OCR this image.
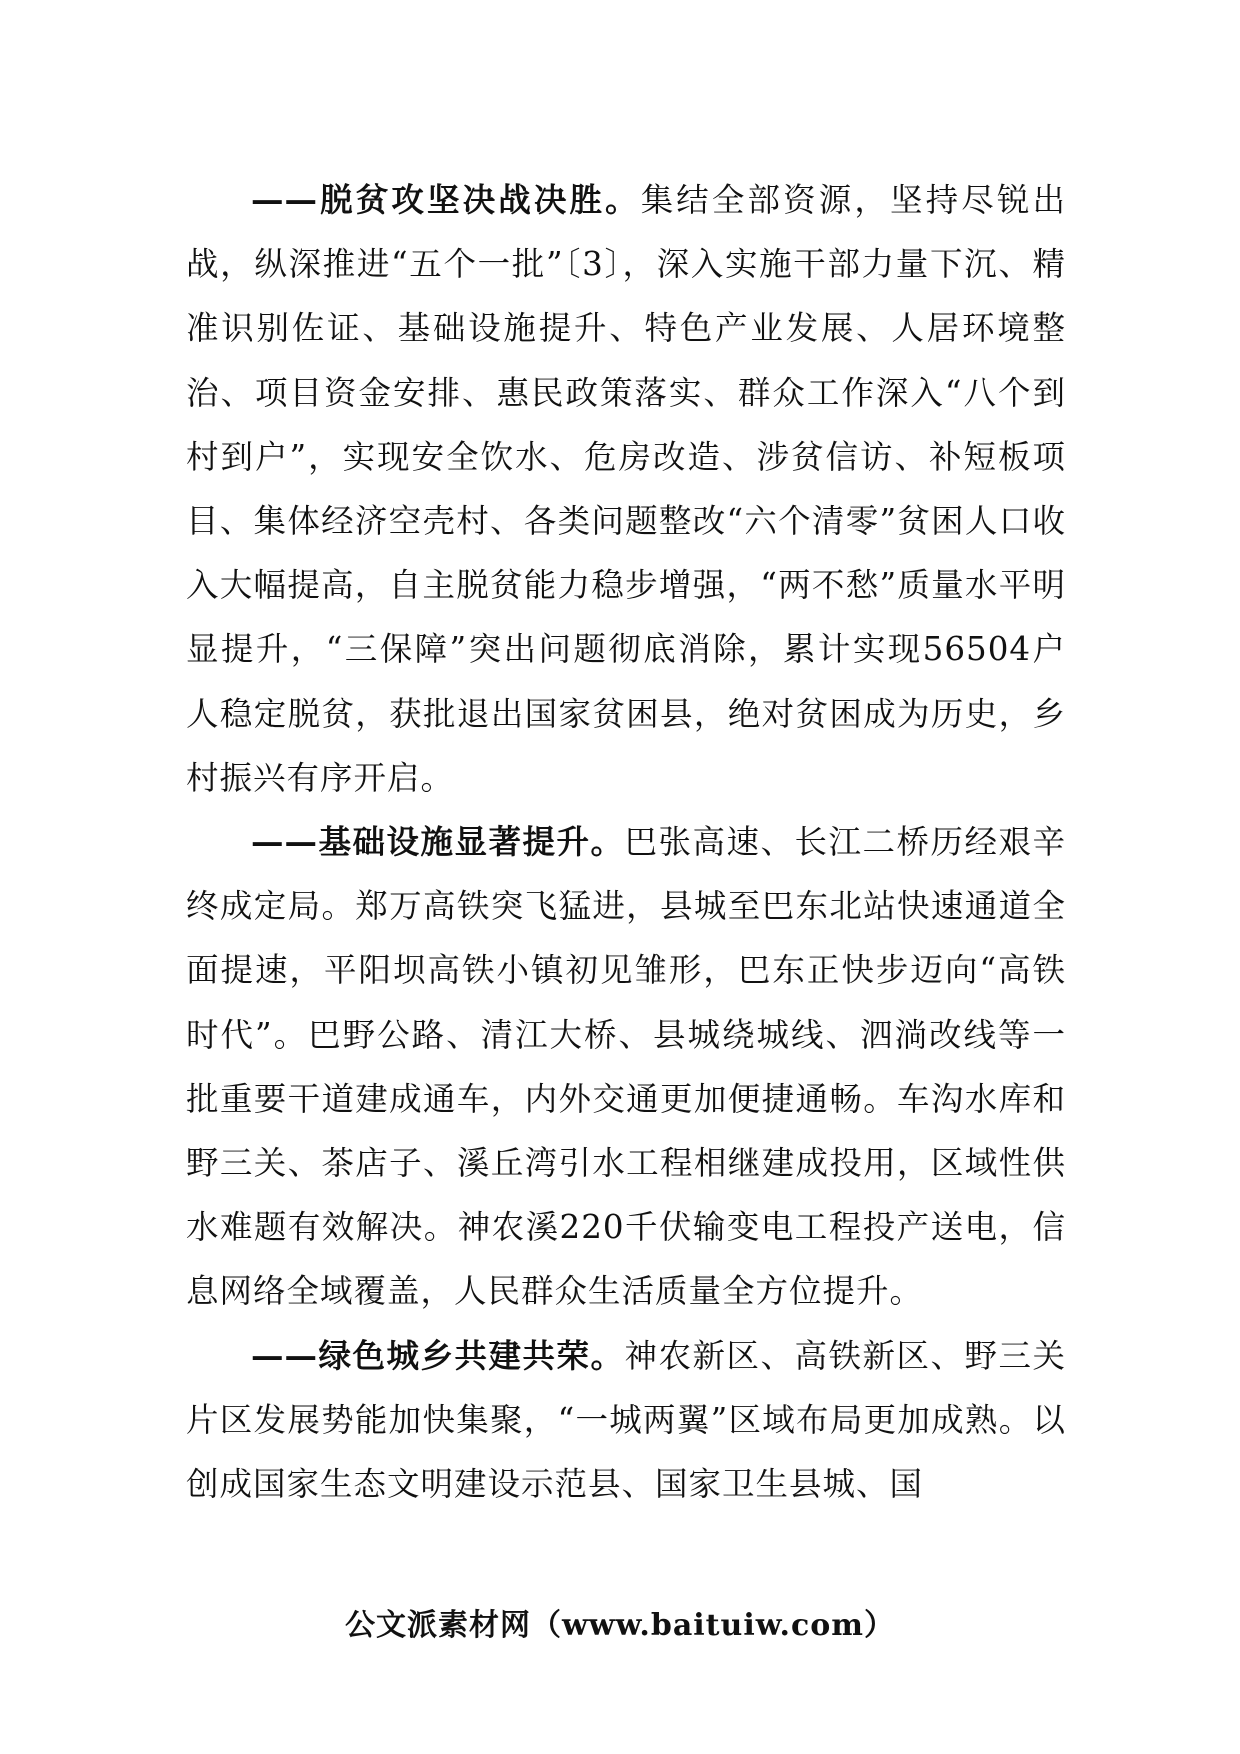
——脱贫攻坚决战决胜。集结全部资源，坚持尽锐出战，纵深推进“五个一批”〔3〕，深入实施干部力量下沉、精准识别佐证、基础设施提升、特色产业发展、人居环境整治、项目资金安排、惠民政策落实、群众工作深入“八个到村到户”，实现安全饮水、危房改造、涉贫信访、补短板项目、集体经济空壳村、各类问题整改“六个清零”贫困人口收入大幅提高，自主脱贫能力稳步增强，“两不愁”质量水平明显提升，“三保障”突出问题彻底消除，累计实现56504户人稳定脱贫，获批退出国家贫困县，绝对贫困成为历史，乡村振兴有序开启。

——基础设施显著提升。巴张高速、长江二桥历经艰辛终成定局。郑万高铁突飞猛进，县城至巴东北站快速通道全面提速，平阳坝高铁小镇初见雏形，巴东正快步迈向“高铁时代”。巴野公路、清江大桥、县城绕城线、泗淌改线等一批重要干道建成通车，内外交通更加便捷通畅。车沟水库和野三关、茶店子、溪丘湾引水工程相继建成投用，区域性供水难题有效解决。神农溪220千伏输变电工程投产送电，信息网络全域覆盖，人民群众生活质量全方位提升。

——绿色城乡共建共荣。神农新区、高铁新区、野三关片区发展势能加快集聚，“一城两翼”区域布局更加成熟。以创成国家生态文明建设示范县、国家卫生县城、国

公文派素材网（www.baituiw.com）
